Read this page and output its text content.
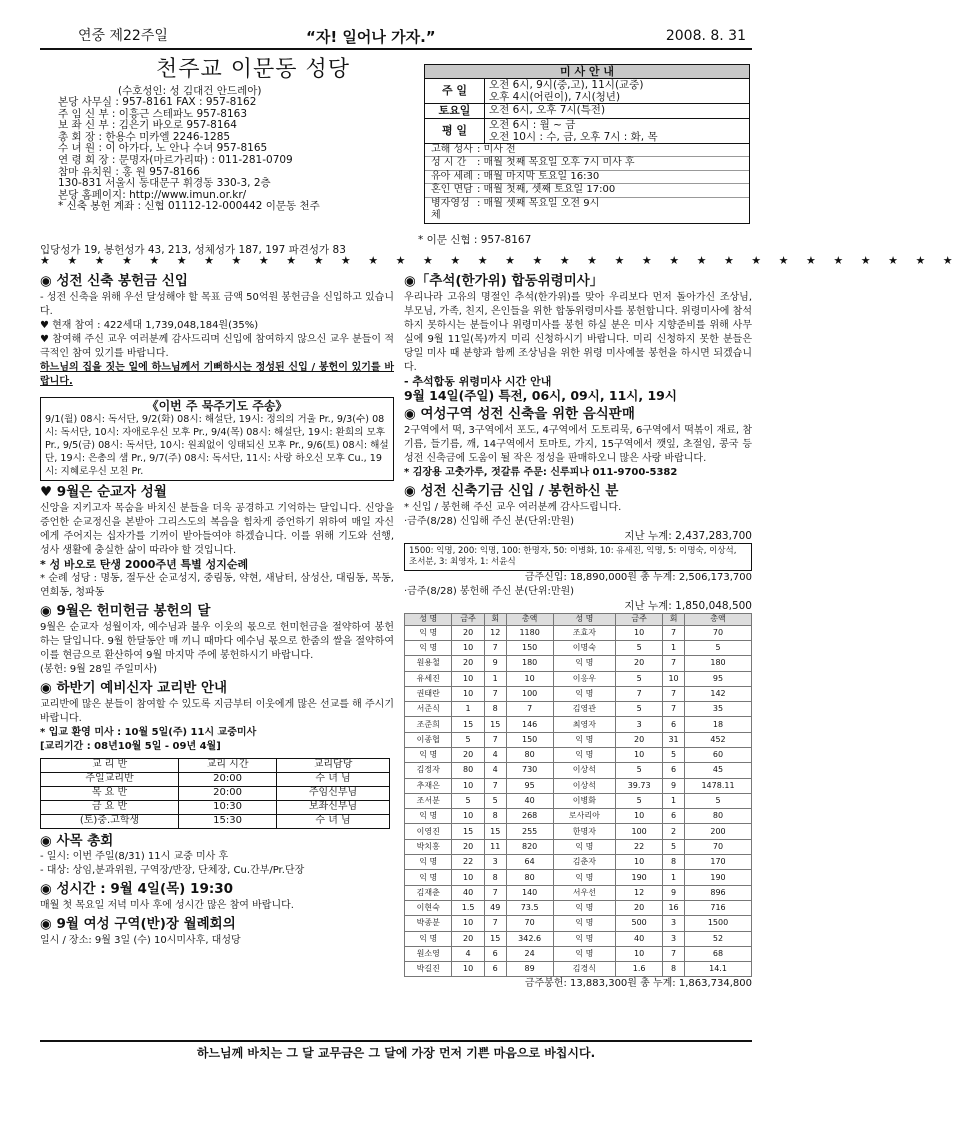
연중 제22주일	“자! 일어나 가자.”	2008. 8. 31
천주교 이문동 성당
(수호성인: 성 김대건 안드레아)
본당 사무실 : 957-8161 FAX : 957-8162
주 임 신 부 : 이흥근 스테파노 957-8163
보 좌 신 부 : 김은기 바오로 957-8164
총 회 장 : 한용수 미카엘 2246-1285
수 녀 원 : 이 아가다, 노 안나 수녀 957-8165
연 령 회 장 : 문명자(마르가리따) : 011-281-0709
참마 유치원 : 홍 원 957-8166
130-831 서울시 동대문구 휘경동 330-3, 2층
본당 홈페이지: http://www.imun.or.kr/
* 신축 봉헌 계좌 : 신협 01112-12-000442 이문동 천주
미 사 안 내
주 일	오전 6시, 9시(중,고), 11시(교중)
오후 4시(어린이), 7시(청년)
토요일	오전 6시, 오후 7시(특전)
평 일	오전 6시 : 월 ~ 금
오전 10시 : 수, 금, 오후 7시 : 화, 목
고해 성사 : 미사 전
성 시 간	: 매월 첫째 목요일 오후 7시 미사 후
유아 세례 : 매월 마지막 토요일 16:30
혼인 면담 : 매월 첫째, 셋째 토요일 17:00
병자영성체
: 매월 셋째 목요일 오전 9시
* 이문 신협 : 957-8167
입당성가 19, 봉헌성가 43, 213, 성체성가 187, 197 파견성가 83
★ ★ ★ ★ ★ ★ ★ ★ ★ ★ ★ ★ ★ ★ ★ ★ ★ ★ ★ ★ ★ ★ ★ ★ ★ ★ ★ ★ ★ ★ ★ ★ ★ ★
◉ 성전 신축 봉헌금 신입

- 성전 신축을 위해 우선 달성해야 할 목표 금액 50억원 봉헌금을 신입하고 있습니다.

♥ 현재 참여 : 422세대 1,739,048,184원(35%)

♥ 참여해 주신 교우 여러분께 감사드리며 신입에 참여하지 않으신 교우 분들이 적극적인 참여 있기를 바랍니다.

하느님의 집을 짓는 일에 하느님께서 기뻐하시는 정성된 신입 / 봉헌이 있기를 바랍니다.

《이번 주 묵주기도 주송》
9/1(월) 08시: 독서단, 9/2(화) 08시: 해설단, 19시: 정의의 거울 Pr., 9/3(수) 08시: 독서단, 10시: 자애로우신 모후 Pr., 9/4(목) 08시: 해설단, 19시: 환희의 모후 Pr., 9/5(금) 08시: 독서단, 10시: 원죄없이 잉태되신 모후 Pr., 9/6(토) 08시: 해설단, 19시: 은총의 샘 Pr., 9/7(주) 08시: 독서단, 11시: 사랑 하오신 모후 Cu., 19시: 지혜로우신 모친 Pr.
♥ 9월은 순교자 성월

신앙을 지키고자 목숨을 바치신 분들을 더욱 공경하고 기억하는 달입니다. 신앙을 증언한 순교정신을 본받아 그리스도의 복음을 힘차게 증언하기 위하여 매일 자신에게 주어지는 십자가를 기꺼이 받아들여야 하겠습니다. 이를 위해 기도와 선행, 성사 생활에 충실한 삶이 따라야 할 것입니다.

* 성 바오로 탄생 2000주년 특별 성지순례

* 순례 성당 : 명동, 절두산 순교성지, 중림동, 약현, 새남터, 삼성산, 대림동, 목동, 연희동, 청파동

◉ 9월은 헌미헌금 봉헌의 달

9월은 순교자 성월이자, 예수님과 불우 이웃의 몫으로 헌미헌금을 절약하여 봉헌하는 달입니다. 9월 한달동안 매 끼니 때마다 예수님 몫으로 한줌의 쌀을 절약하여 이를 현금으로 환산하여 9월 마지막 주에 봉헌하시기 바랍니다.

(봉헌: 9월 28일 주일미사)

◉ 하반기 예비신자 교리반 안내

교리반에 많은 분들이 참여할 수 있도록 지금부터 이웃에게 많은 선교를 해 주시기 바랍니다.

* 입교 환영 미사 : 10월 5일(주) 11시 교중미사

[교리기간 : 08년10월 5일 - 09년 4월]

교 리 반	교리 시간	교리담당
주일교리반	20:00	수 녀 님
목 요 반	20:00	주임신부님
금 요 반	10:30	보좌신부님
(토)중.고학생	15:30	수 녀 님
◉ 사목 총회

- 일시: 이번 주일(8/31) 11시 교중 미사 후

- 대상: 상임,분과위원, 구역장/반장, 단체장, Cu.간부/Pr.단장

◉ 성시간 : 9월 4일(목) 19:30

매월 첫 목요일 저녁 미사 후에 성시간 많은 참여 바랍니다.

◉ 9월 여성 구역(반)장 월례회의

일시 / 장소: 9월 3일 (수) 10시미사후, 대성당

◉「추석(한가위) 합동위령미사」

우리나라 고유의 명절인 추석(한가위)를 맞아 우리보다 먼저 돌아가신 조상님, 부모님, 가족, 친지, 은인들을 위한 합동위령미사를 봉헌합니다. 위령미사에 참석하지 못하시는 분들이나 위령미사를 봉헌 하실 분은 미사 지향준비를 위해 사무실에 9월 11일(목)까지 미리 신청하시기 바랍니다. 미리 신청하지 못한 분들은 당일 미사 때 분향과 함께 조상님을 위한 위령 미사예물 봉헌을 하시면 되겠습니다.

- 추석합동 위령미사 시간 안내

9월 14일(주일) 특전, 06시, 09시, 11시, 19시

◉ 여성구역 성전 신축을 위한 음식판매

2구역에서 떡, 3구역에서 포도, 4구역에서 도토리묵, 6구역에서 떡볶이 재료, 참기름, 들기름, 깨, 14구역에서 토마토, 가지, 15구역에서 깻잎, 초절임, 콩국 등 성전 신축금에 도움이 될 작은 정성을 판매하오니 많은 사랑 바랍니다.

* 김장용 고춧가루, 젓갈류 주문: 신루피나 011-9700-5382

◉ 성전 신축기금 신입 / 봉헌하신 분

* 신입 / 봉헌해 주신 교우 여러분께 감사드립니다.

·금주(8/28) 신입해 주신 분(단위:만원)

지난 누계: 2,437,283,700

1500: 익명, 200: 익명, 100: 한명자, 50: 이병화, 10: 유세진, 익명, 5: 이명숙, 이상석, 조서분, 3: 최영자, 1: 서윤식

금주신입: 18,890,000원 총 누계: 2,506,173,700

·금주(8/28) 봉헌해 주신 분(단위:만원)

지난 누계: 1,850,048,500

성 명	금주	회	총액	성 명	금주	회	총액
익 명	20	12	1180	조효자	10	7	70
익 명	10	7	150	이명숙	5	1	5
원용철	20	9	180	익 명	20	7	180
유세진	10	1	10	이응우	5	10	95
권태란	10	7	100	익 명	7	7	142
서준식	1	8	7	김영관	5	7	35
조준희	15	15	146	최영자	3	6	18
이종협	5	7	150	익 명	20	31	452
익 명	20	4	80	익 명	10	5	60
김정자	80	4	730	이상석	5	6	45
추재은	10	7	95	이상석	39.73	9	1478.11
조서분	5	5	40	이병화	5	1	5
익 명	10	8	268	로사리아	10	6	80
이영진	15	15	255	한명자	100	2	200
박치홍	20	11	820	익 명	22	5	70
익 명	22	3	64	김춘자	10	8	170
익 명	10	8	80	익 명	190	1	190
김재춘	40	7	140	서우선	12	9	896
이현숙	1.5	49	73.5	익 명	20	16	716
박종분	10	7	70	익 명	500	3	1500
익 명	20	15	342.6	익 명	40	3	52
원소영	4	6	24	익 명	10	7	68
박길진	10	6	89	김경식	1.6	8	14.1

금주봉헌: 13,883,300원 총 누계: 1,863,734,800

하느님께 바치는 그 달 교무금은 그 달에 가장 먼저 기쁜 마음으로 바칩시다.
